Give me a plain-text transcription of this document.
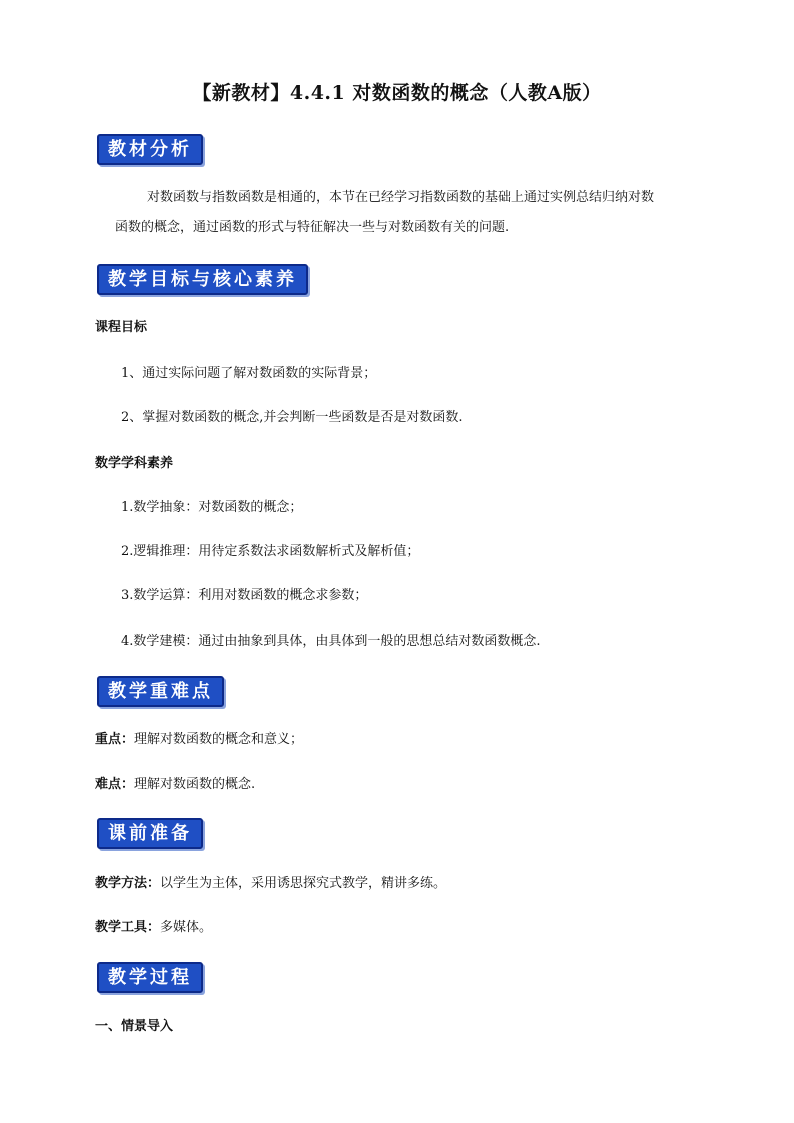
【新教材】4.4.1 对数函数的概念（人教A版）
教材分析
对数函数与指数函数是相通的，本节在已经学习指数函数的基础上通过实例总结归纳对数
函数的概念，通过函数的形式与特征解决一些与对数函数有关的问题.
教学目标与核心素养
课程目标
1、通过实际问题了解对数函数的实际背景；
2、掌握对数函数的概念,并会判断一些函数是否是对数函数.
数学学科素养
1.数学抽象：对数函数的概念；
2.逻辑推理：用待定系数法求函数解析式及解析值；
3.数学运算：利用对数函数的概念求参数；
4.数学建模：通过由抽象到具体，由具体到一般的思想总结对数函数概念.
教学重难点
重点：理解对数函数的概念和意义；
难点：理解对数函数的概念.
课前准备
教学方法：以学生为主体，采用诱思探究式教学，精讲多练。
教学工具：多媒体。
教学过程
一、情景导入
